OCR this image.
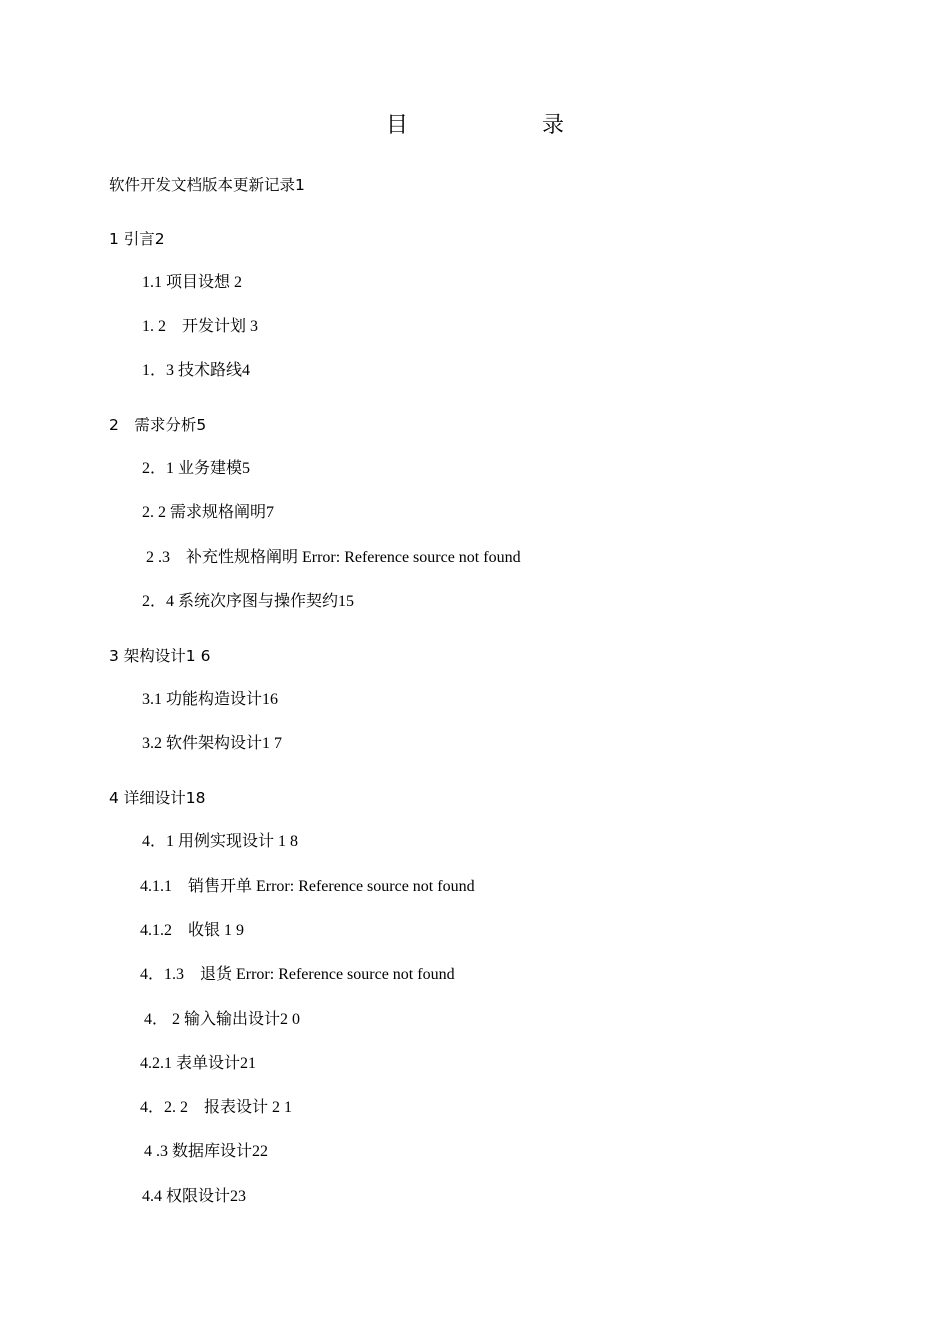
目　录
软件开发文档版本更新记录1
1 引言2
1.1 项目设想 2
1. 2　开发计划 3
1．3 技术路线4
2　需求分析5
2．1 业务建模5
2. 2 需求规格阐明7
2 .3　补充性规格阐明 Error: Reference source not found
2．4 系统次序图与操作契约15
3 架构设计1 6
3.1 功能构造设计16
3.2 软件架构设计1 7
4 详细设计18
4．1 用例实现设计 1 8
4.1.1　销售开单 Error: Reference source not found
4.1.2　收银 1 9
4．1.3　退货 Error: Reference source not found
4． 2 输入输出设计2 0
4.2.1 表单设计21
4．2. 2　报表设计 2 1
4 .3 数据库设计22
4.4 权限设计23
